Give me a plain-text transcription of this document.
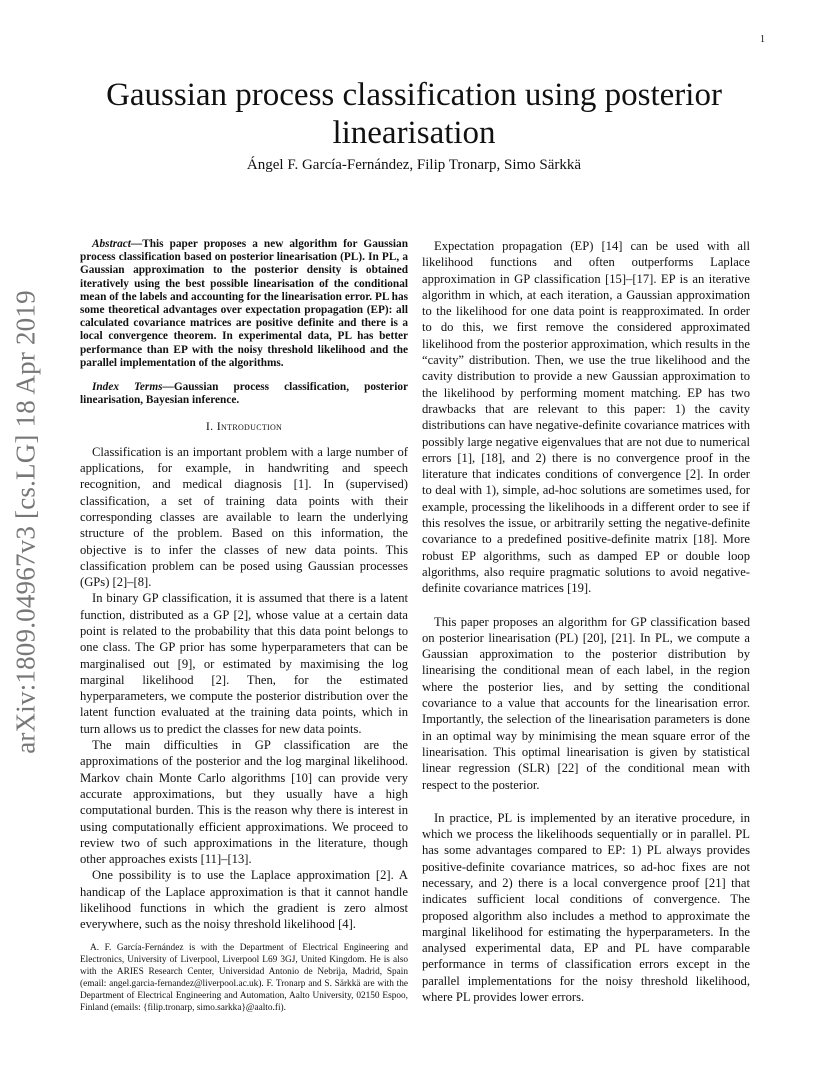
1
arXiv:1809.04967v3 [cs.LG] 18 Apr 2019
Gaussian process classification using posterior linearisation
Ángel F. García-Fernández, Filip Tronarp, Simo Särkkä
Abstract—This paper proposes a new algorithm for Gaussian process classification based on posterior linearisation (PL). In PL, a Gaussian approximation to the posterior density is obtained iteratively using the best possible linearisation of the conditional mean of the labels and accounting for the linearisation error. PL has some theoretical advantages over expectation propagation (EP): all calculated covariance matrices are positive definite and there is a local convergence theorem. In experimental data, PL has better performance than EP with the noisy threshold likelihood and the parallel implementation of the algorithms.
Index Terms—Gaussian process classification, posterior linearisation, Bayesian inference.
I. Introduction

Classification is an important problem with a large number of applications, for example, in handwriting and speech recognition, and medical diagnosis [1]. In (supervised) classification, a set of training data points with their corresponding classes are available to learn the underlying structure of the problem. Based on this information, the objective is to infer the classes of new data points. This classification problem can be posed using Gaussian processes (GPs) [2]–[8].

In binary GP classification, it is assumed that there is a latent function, distributed as a GP [2], whose value at a certain data point is related to the probability that this data point belongs to one class. The GP prior has some hyperparameters that can be marginalised out [9], or estimated by maximising the log marginal likelihood [2]. Then, for the estimated hyperparameters, we compute the posterior distribution over the latent function evaluated at the training data points, which in turn allows us to predict the classes for new data points.

The main difficulties in GP classification are the approximations of the posterior and the log marginal likelihood. Markov chain Monte Carlo algorithms [10] can provide very accurate approximations, but they usually have a high computational burden. This is the reason why there is interest in using computationally efficient approximations. We proceed to review two of such approximations in the literature, though other approaches exists [11]–[13].

One possibility is to use the Laplace approximation [2]. A handicap of the Laplace approximation is that it cannot handle likelihood functions in which the gradient is zero almost everywhere, such as the noisy threshold likelihood [4].

A. F. García-Fernández is with the Department of Electrical Engineering and Electronics, University of Liverpool, Liverpool L69 3GJ, United Kingdom. He is also with the ARIES Research Center, Universidad Antonio de Nebrija, Madrid, Spain (email: angel.garcia-fernandez@liverpool.ac.uk). F. Tronarp and S. Särkkä are with the Department of Electrical Engineering and Automation, Aalto University, 02150 Espoo, Finland (emails: {filip.tronarp, simo.sarkka}@aalto.fi).

Expectation propagation (EP) [14] can be used with all likelihood functions and often outperforms Laplace approximation in GP classification [15]–[17]. EP is an iterative algorithm in which, at each iteration, a Gaussian approximation to the likelihood for one data point is reapproximated. In order to do this, we first remove the considered approximated likelihood from the posterior approximation, which results in the “cavity” distribution. Then, we use the true likelihood and the cavity distribution to provide a new Gaussian approximation to the likelihood by performing moment matching. EP has two drawbacks that are relevant to this paper: 1) the cavity distributions can have negative-definite covariance matrices with possibly large negative eigenvalues that are not due to numerical errors [1], [18], and 2) there is no convergence proof in the literature that indicates conditions of convergence [2]. In order to deal with 1), simple, ad-hoc solutions are sometimes used, for example, processing the likelihoods in a different order to see if this resolves the issue, or arbitrarily setting the negative-definite covariance to a predefined positive-definite matrix [18]. More robust EP algorithms, such as damped EP or double loop algorithms, also require pragmatic solutions to avoid negative-definite covariance matrices [19].

This paper proposes an algorithm for GP classification based on posterior linearisation (PL) [20], [21]. In PL, we compute a Gaussian approximation to the posterior distribution by linearising the conditional mean of each label, in the region where the posterior lies, and by setting the conditional covariance to a value that accounts for the linearisation error. Importantly, the selection of the linearisation parameters is done in an optimal way by minimising the mean square error of the linearisation. This optimal linearisation is given by statistical linear regression (SLR) [22] of the conditional mean with respect to the posterior.

In practice, PL is implemented by an iterative procedure, in which we process the likelihoods sequentially or in parallel. PL has some advantages compared to EP: 1) PL always provides positive-definite covariance matrices, so ad-hoc fixes are not necessary, and 2) there is a local convergence proof [21] that indicates sufficient local conditions of convergence. The proposed algorithm also includes a method to approximate the marginal likelihood for estimating the hyperparameters. In the analysed experimental data, EP and PL have comparable performance in terms of classification errors except in the parallel implementations for the noisy threshold likelihood, where PL provides lower errors.
